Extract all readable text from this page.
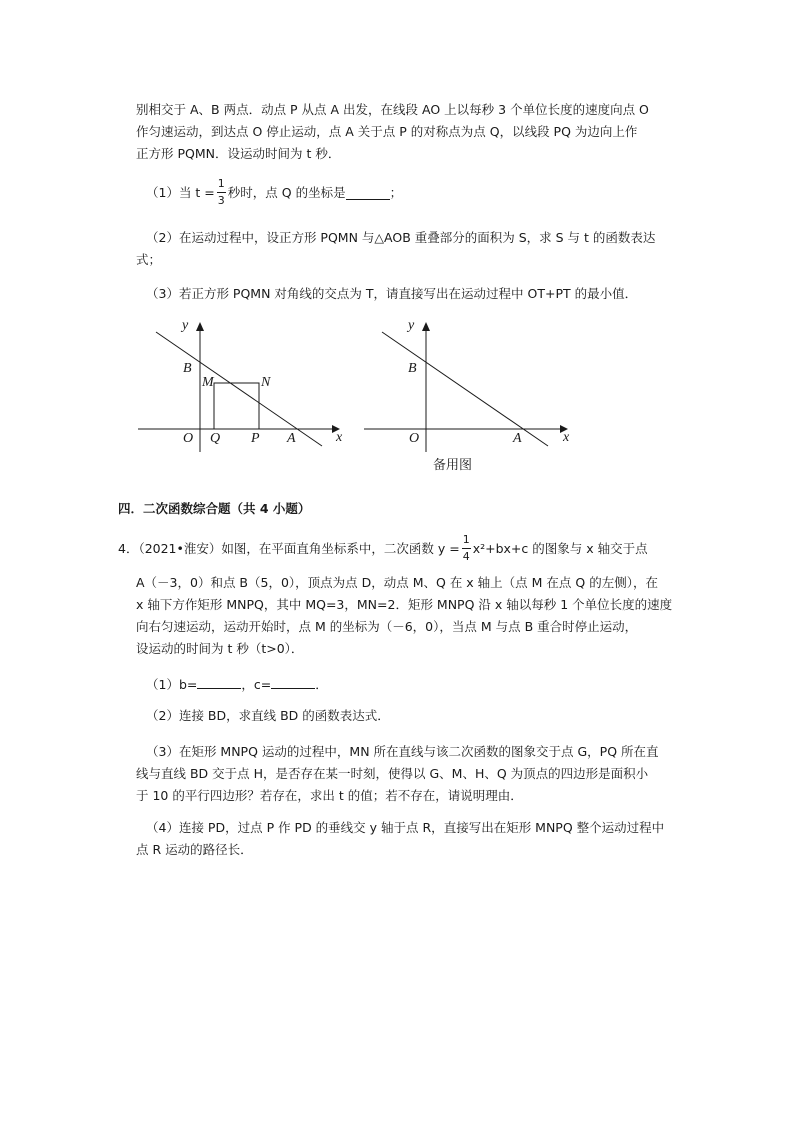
别相交于 A、B 两点．动点 P 从点 A 出发，在线段 AO 上以每秒 3 个单位长度的速度向点 O
作匀速运动，到达点 O 停止运动，点 A 关于点 P 的对称点为点 Q，以线段 PQ 为边向上作
正方形 PQMN．设运动时间为 t 秒．
（1）当 $t = \frac{1}{3}$ 秒时，点 Q 的坐标是	；
（2）在运动过程中，设正方形 PQMN 与△AOB 重叠部分的面积为 S，求 S 与 t 的函数表达
式；
（3）若正方形 PQMN 对角线的交点为 T，请直接写出在运动过程中 OT+PT 的最小值．
y
x
B
M	N
O Q P A
y
x
B
O	A
备用图
四．二次函数综合题（共 4 小题）
4．（2021•淮安）如图，在平面直角坐标系中，二次函数 $y = \frac{1}{4} x^2+bx+c$ 的图象与 x 轴交于点
A（－3，0）和点 B（5，0），顶点为点 D，动点 M、Q 在 x 轴上（点 M 在点 Q 的左侧），在
x 轴下方作矩形 MNPQ，其中 MQ=3，MN=2．矩形 MNPQ 沿 x 轴以每秒 1 个单位长度的速度
向右匀速运动，运动开始时，点 M 的坐标为（－6，0），当点 M 与点 B 重合时停止运动，
设运动的时间为 t 秒（t>0）．
（1）b=	，c=	．
（2）连接 BD，求直线 BD 的函数表达式．
（3）在矩形 MNPQ 运动的过程中，MN 所在直线与该二次函数的图象交于点 G，PQ 所在直
线与直线 BD 交于点 H，是否存在某一时刻，使得以 G、M、H、Q 为顶点的四边形是面积小
于 10 的平行四边形？若存在，求出 t 的值；若不存在，请说明理由．
（4）连接 PD，过点 P 作 PD 的垂线交 y 轴于点 R，直接写出在矩形 MNPQ 整个运动过程中
点 R 运动的路径长．
